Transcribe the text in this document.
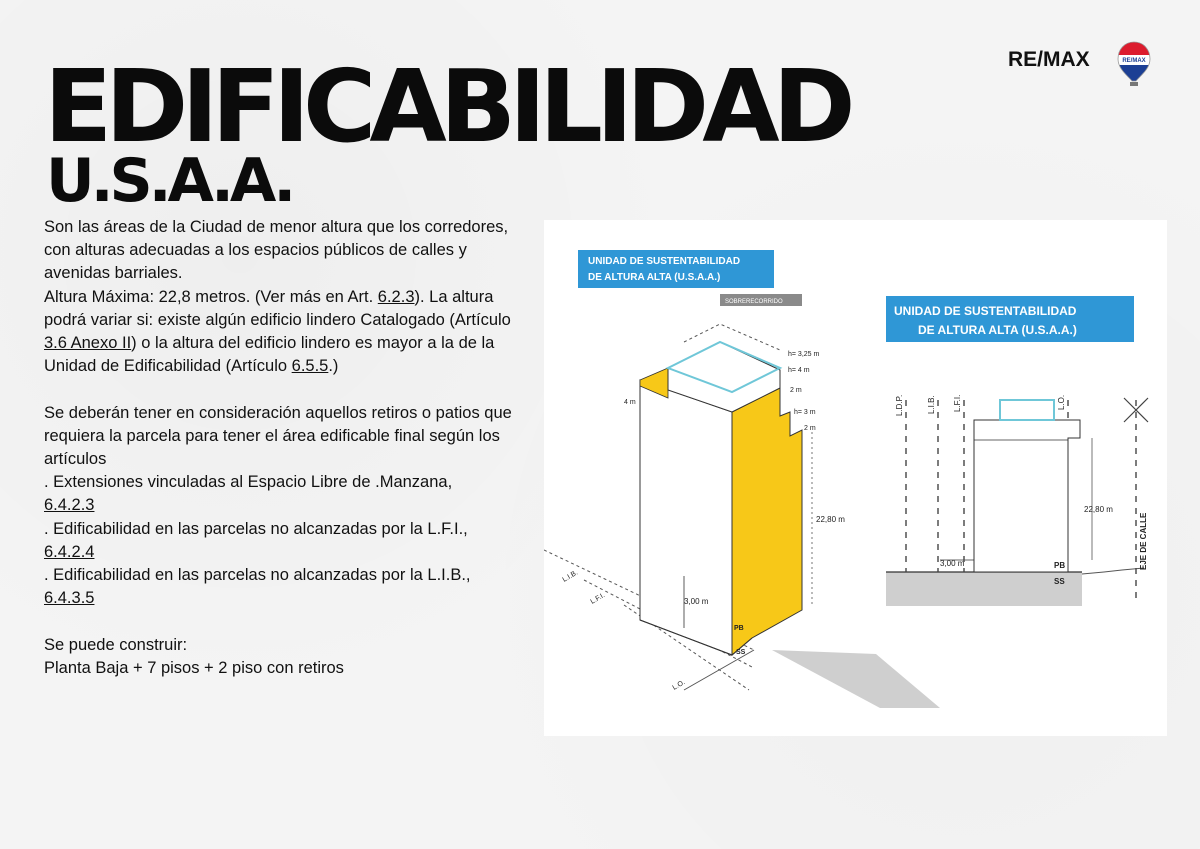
EDIFICABILIDAD
U.S.A.A.
RE/MAX	RE/MAX

Son las áreas de la Ciudad de menor altura que los corredores, con alturas adecuadas a los espacios públicos de calles y avenidas barriales.

Altura Máxima: 22,8 metros. (Ver más en Art. 6.2.3). La altura podrá variar si: existe algún edificio lindero Catalogado (Artículo 3.6 Anexo II) o la altura del edificio lindero es mayor a la de la Unidad de Edificabilidad (Artículo 6.5.5.)

Se deberán tener en consideración aquellos retiros o patios que requiera la parcela para tener el área edificable final según los artículos

. Extensiones vinculadas al Espacio Libre de .Manzana,
6.4.2.3

. Edificabilidad en las parcelas no alcanzadas por la L.F.I.,
6.4.2.4

. Edificabilidad en las parcelas no alcanzadas por la L.I.B.,
6.4.3.5

Se puede construir:

Planta Baja + 7 pisos + 2 piso con retiros

UNIDAD DE SUSTENTABILIDAD
DE ALTURA ALTA (U.S.A.A.)
SOBRERECORRIDO
h= 3,25 m
h= 4 m
2 m
h= 3 m
2 m
4 m
22,80 m
3,00 m
PB
SS
L.I.B.
L.F.I.
L.O.
UNIDAD DE SUSTENTABILIDAD
DE ALTURA ALTA (U.S.A.A.)
L.D.P.	L.I.B. L.F.I.	L.O.
22,80 m
3,00 m	PB
SS
EJE DE CALLE
